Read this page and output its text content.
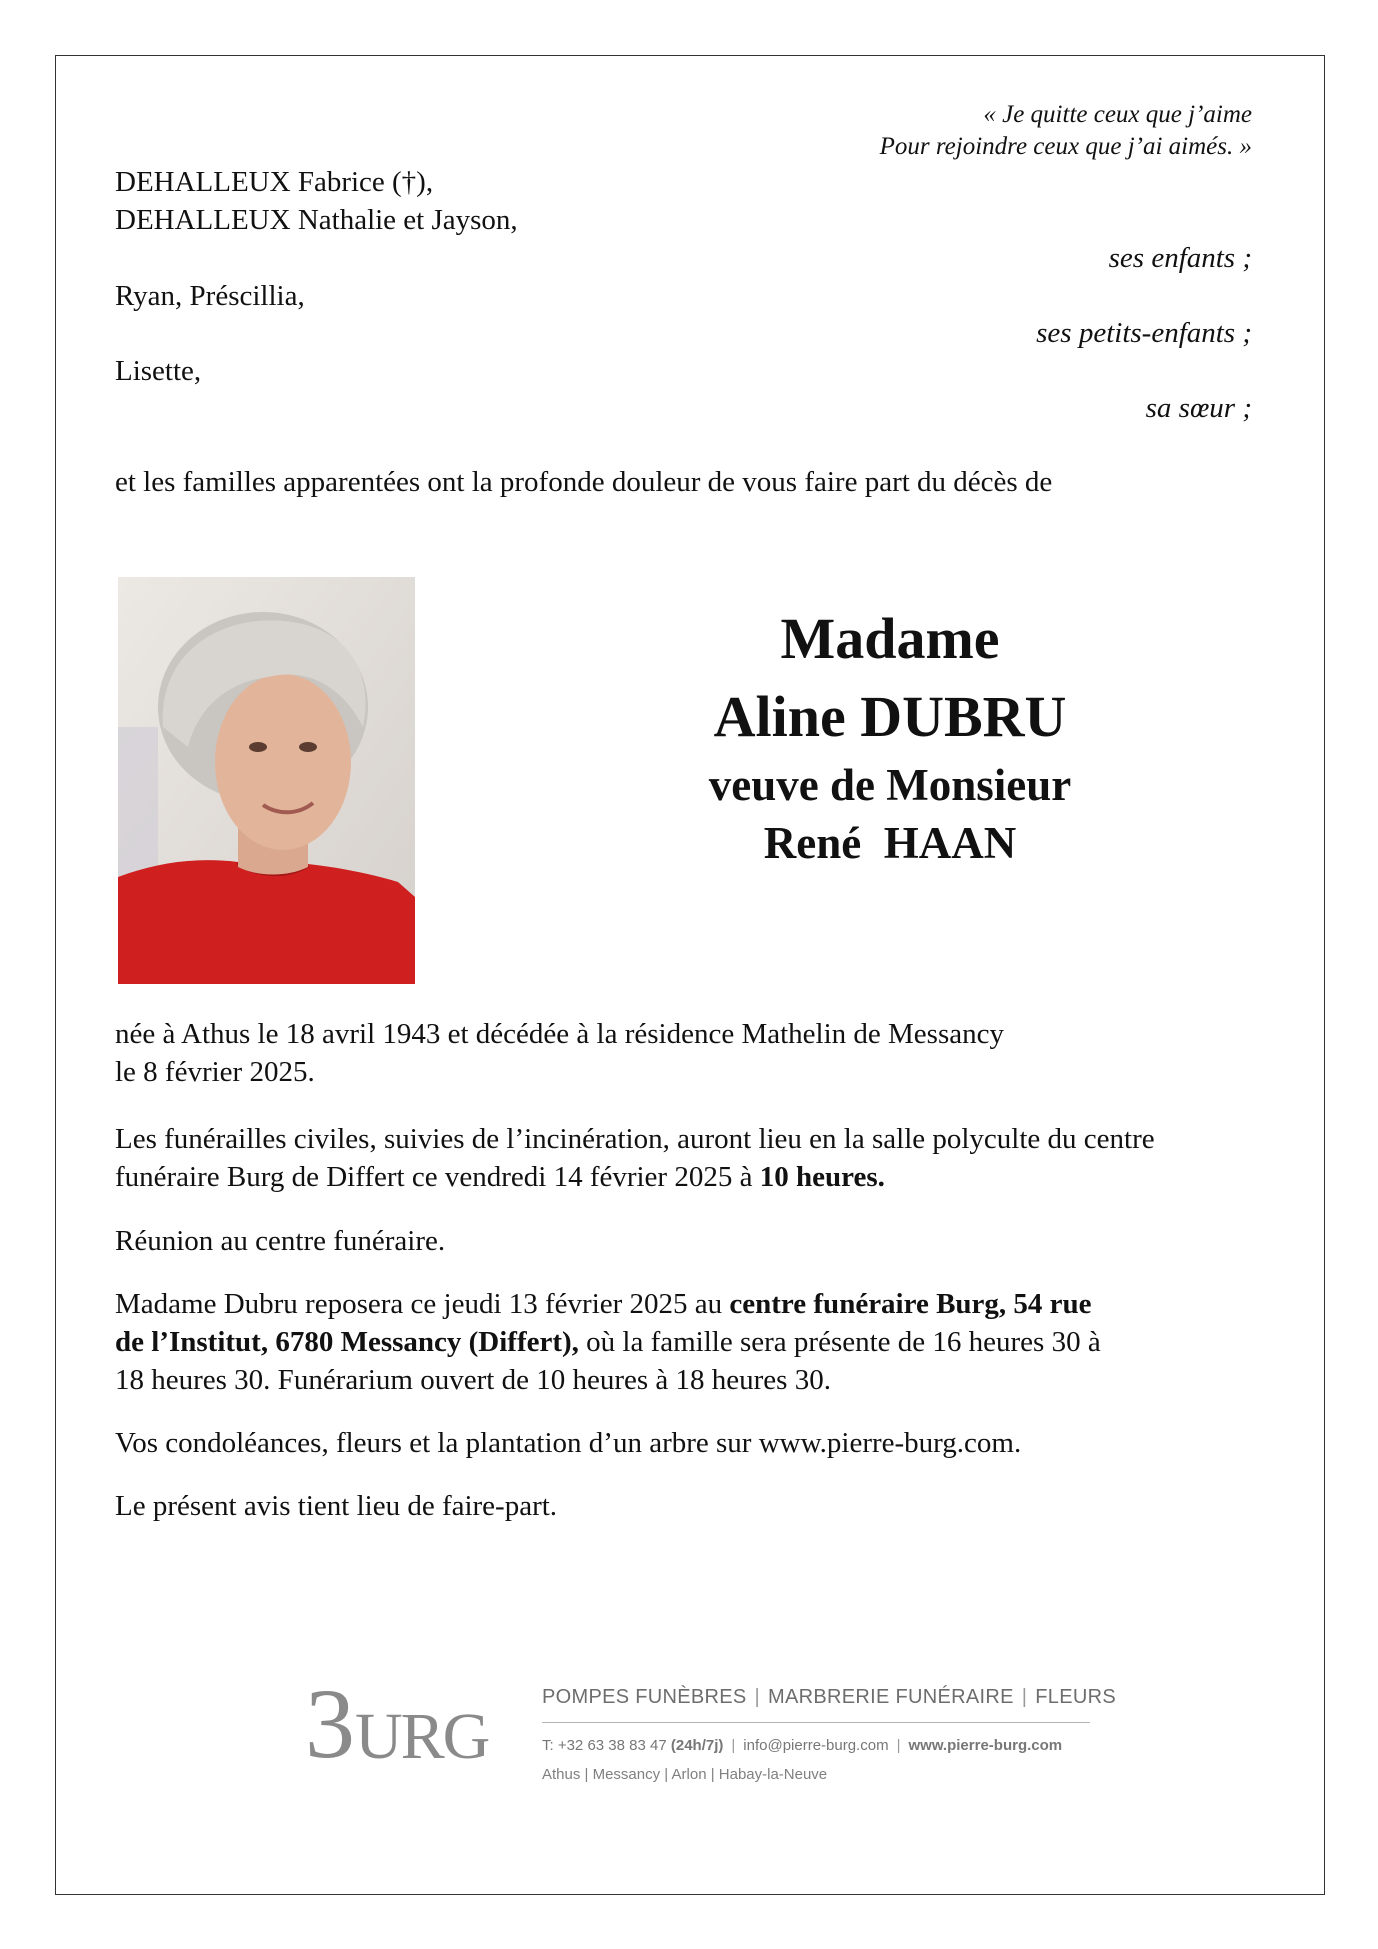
« Je quitte ceux que j’aime
Pour rejoindre ceux que j’ai aimés. »
DEHALLEUX Fabrice (†),
DEHALLEUX Nathalie et Jayson,
ses enfants ;
Ryan, Préscillia,
ses petits-enfants ;
Lisette,
sa sœur ;
et les familles apparentées ont la profonde douleur de vous faire part du décès de
Madame
Aline DUBRU
veuve de Monsieur
René  HAAN
née à Athus le 18 avril 1943 et décédée à la résidence Mathelin de Messancy
le 8 février 2025.
Les funérailles civiles, suivies de l’incinération, auront lieu en la salle polyculte du centre
funéraire Burg de Differt ce vendredi 14 février 2025 à 10 heures.
Réunion au centre funéraire.
Madame Dubru reposera ce jeudi 13 février 2025 au centre funéraire Burg, 54 rue
de l’Institut, 6780 Messancy (Differt), où la famille sera présente de 16 heures 30 à
18 heures 30. Funérarium ouvert de 10 heures à 18 heures 30.
Vos condoléances, fleurs et la plantation d’un arbre sur www.pierre-burg.com.
Le présent avis tient lieu de faire-part.
3 URG
POMPES FUNÈBRES | MARBRERIE FUNÉRAIRE | FLEURS
T: +32 63 38 83 47 (24h/7j) | info@pierre-burg.com | www.pierre-burg.com
Athus | Messancy | Arlon | Habay-la-Neuve
